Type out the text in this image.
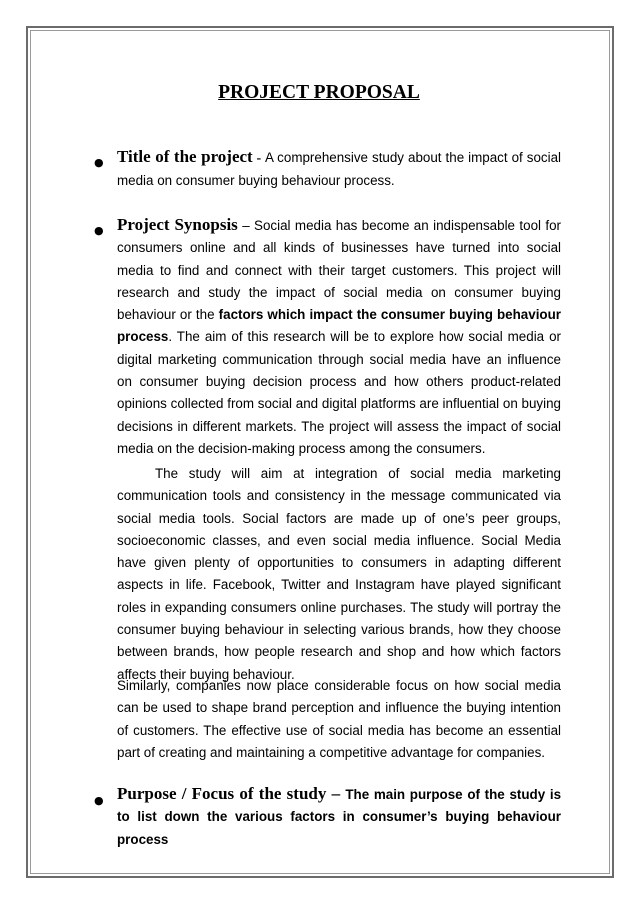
PROJECT PROPOSAL
● Title of the project - A comprehensive study about the impact of social media on consumer buying behaviour process.
● Project Synopsis – Social media has become an indispensable tool for consumers online and all kinds of businesses have turned into social media to find and connect with their target customers. This project will research and study the impact of social media on consumer buying behaviour or the factors which impact the consumer buying behaviour process. The aim of this research will be to explore how social media or digital marketing communication through social media have an influence on consumer buying decision process and how others product-related opinions collected from social and digital platforms are influential on buying decisions in different markets. The project will assess the impact of social media on the decision-making process among the consumers.
The study will aim at integration of social media marketing communication tools and consistency in the message communicated via social media tools. Social factors are made up of one’s peer groups, socioeconomic classes, and even social media influence. Social Media have given plenty of opportunities to consumers in adapting different aspects in life. Facebook, Twitter and Instagram have played significant roles in expanding consumers online purchases. The study will portray the consumer buying behaviour in selecting various brands, how they choose between brands, how people research and shop and how which factors affects their buying behaviour.
Similarly, companies now place considerable focus on how social media can be used to shape brand perception and influence the buying intention of customers. The effective use of social media has become an essential part of creating and maintaining a competitive advantage for companies.
● Purpose / Focus of the study – The main purpose of the study is to list down the various factors in consumer’s buying behaviour process
